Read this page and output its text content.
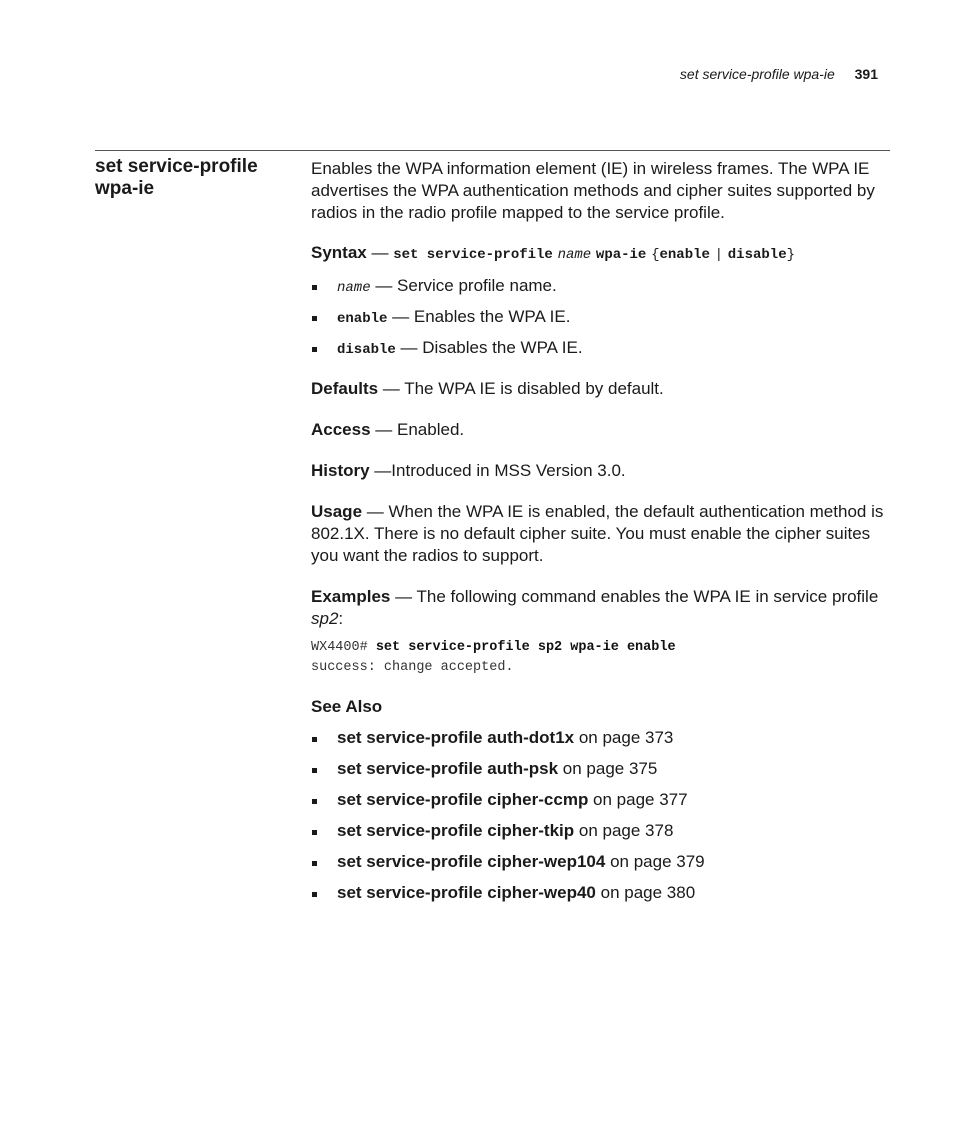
set service-profile wpa-ie 391
set service-profile wpa-ie

Enables the WPA information element (IE) in wireless frames. The WPA IE advertises the WPA authentication methods and cipher suites supported by radios in the radio profile mapped to the service profile.

Syntax — set service-profile name wpa-ie {enable | disable}

name — Service profile name.
enable — Enables the WPA IE.
disable — Disables the WPA IE.

Defaults — The WPA IE is disabled by default.

Access — Enabled.

History —Introduced in MSS Version 3.0.

Usage — When the WPA IE is enabled, the default authentication method is 802.1X. There is no default cipher suite. You must enable the cipher suites you want the radios to support.

Examples — The following command enables the WPA IE in service profile sp2:

WX4400# set service-profile sp2 wpa-ie enable
success: change accepted.

See Also

set service-profile auth-dot1x on page 373
set service-profile auth-psk on page 375
set service-profile cipher-ccmp on page 377
set service-profile cipher-tkip on page 378
set service-profile cipher-wep104 on page 379
set service-profile cipher-wep40 on page 380
